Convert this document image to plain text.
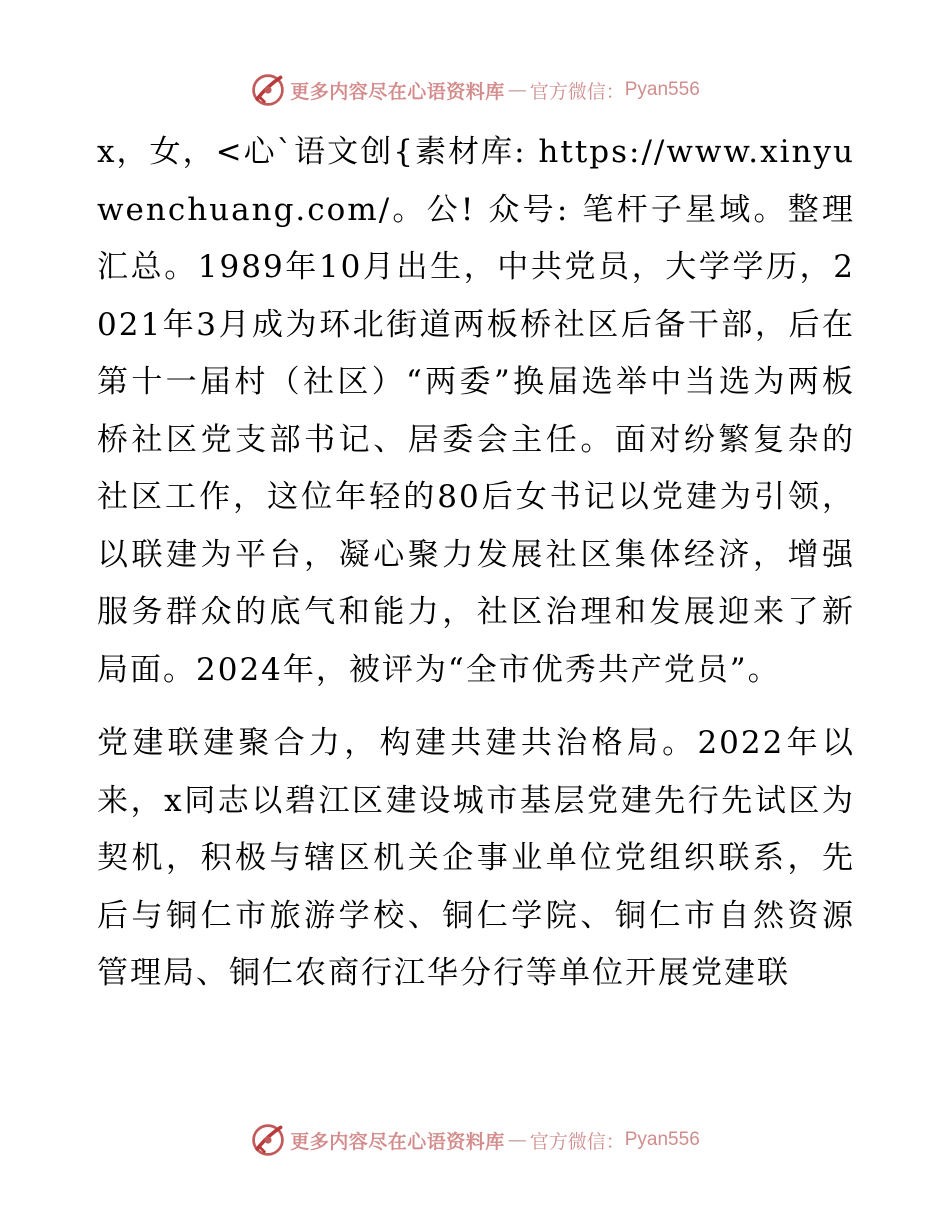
更多内容尽在心语资料库 — 官方微信： Pyan556

x，女，<心`语文创{素材库: https://www.xinyuwenchuang.com/。公! 众号: 笔杆子星域。整理汇总。1989年10月出生，中共党员，大学学历，2021年3月成为环北街道两板桥社区后备干部，后在第十一届村（社区）“两委”换届选举中当选为两板桥社区党支部书记、居委会主任。面对纷繁复杂的社区工作，这位年轻的80后女书记以党建为引领，以联建为平台，凝心聚力发展社区集体经济，增强服务群众的底气和能力，社区治理和发展迎来了新局面。2024年，被评为“全市优秀共产党员”。

党建联建聚合力，构建共建共治格局。2022年以来，x同志以碧江区建设城市基层党建先行先试区为契机，积极与辖区机关企事业单位党组织联系，先后与铜仁市旅游学校、铜仁学院、铜仁市自然资源管理局、铜仁农商行江华分行等单位开展党建联

更多内容尽在心语资料库 — 官方微信： Pyan556
